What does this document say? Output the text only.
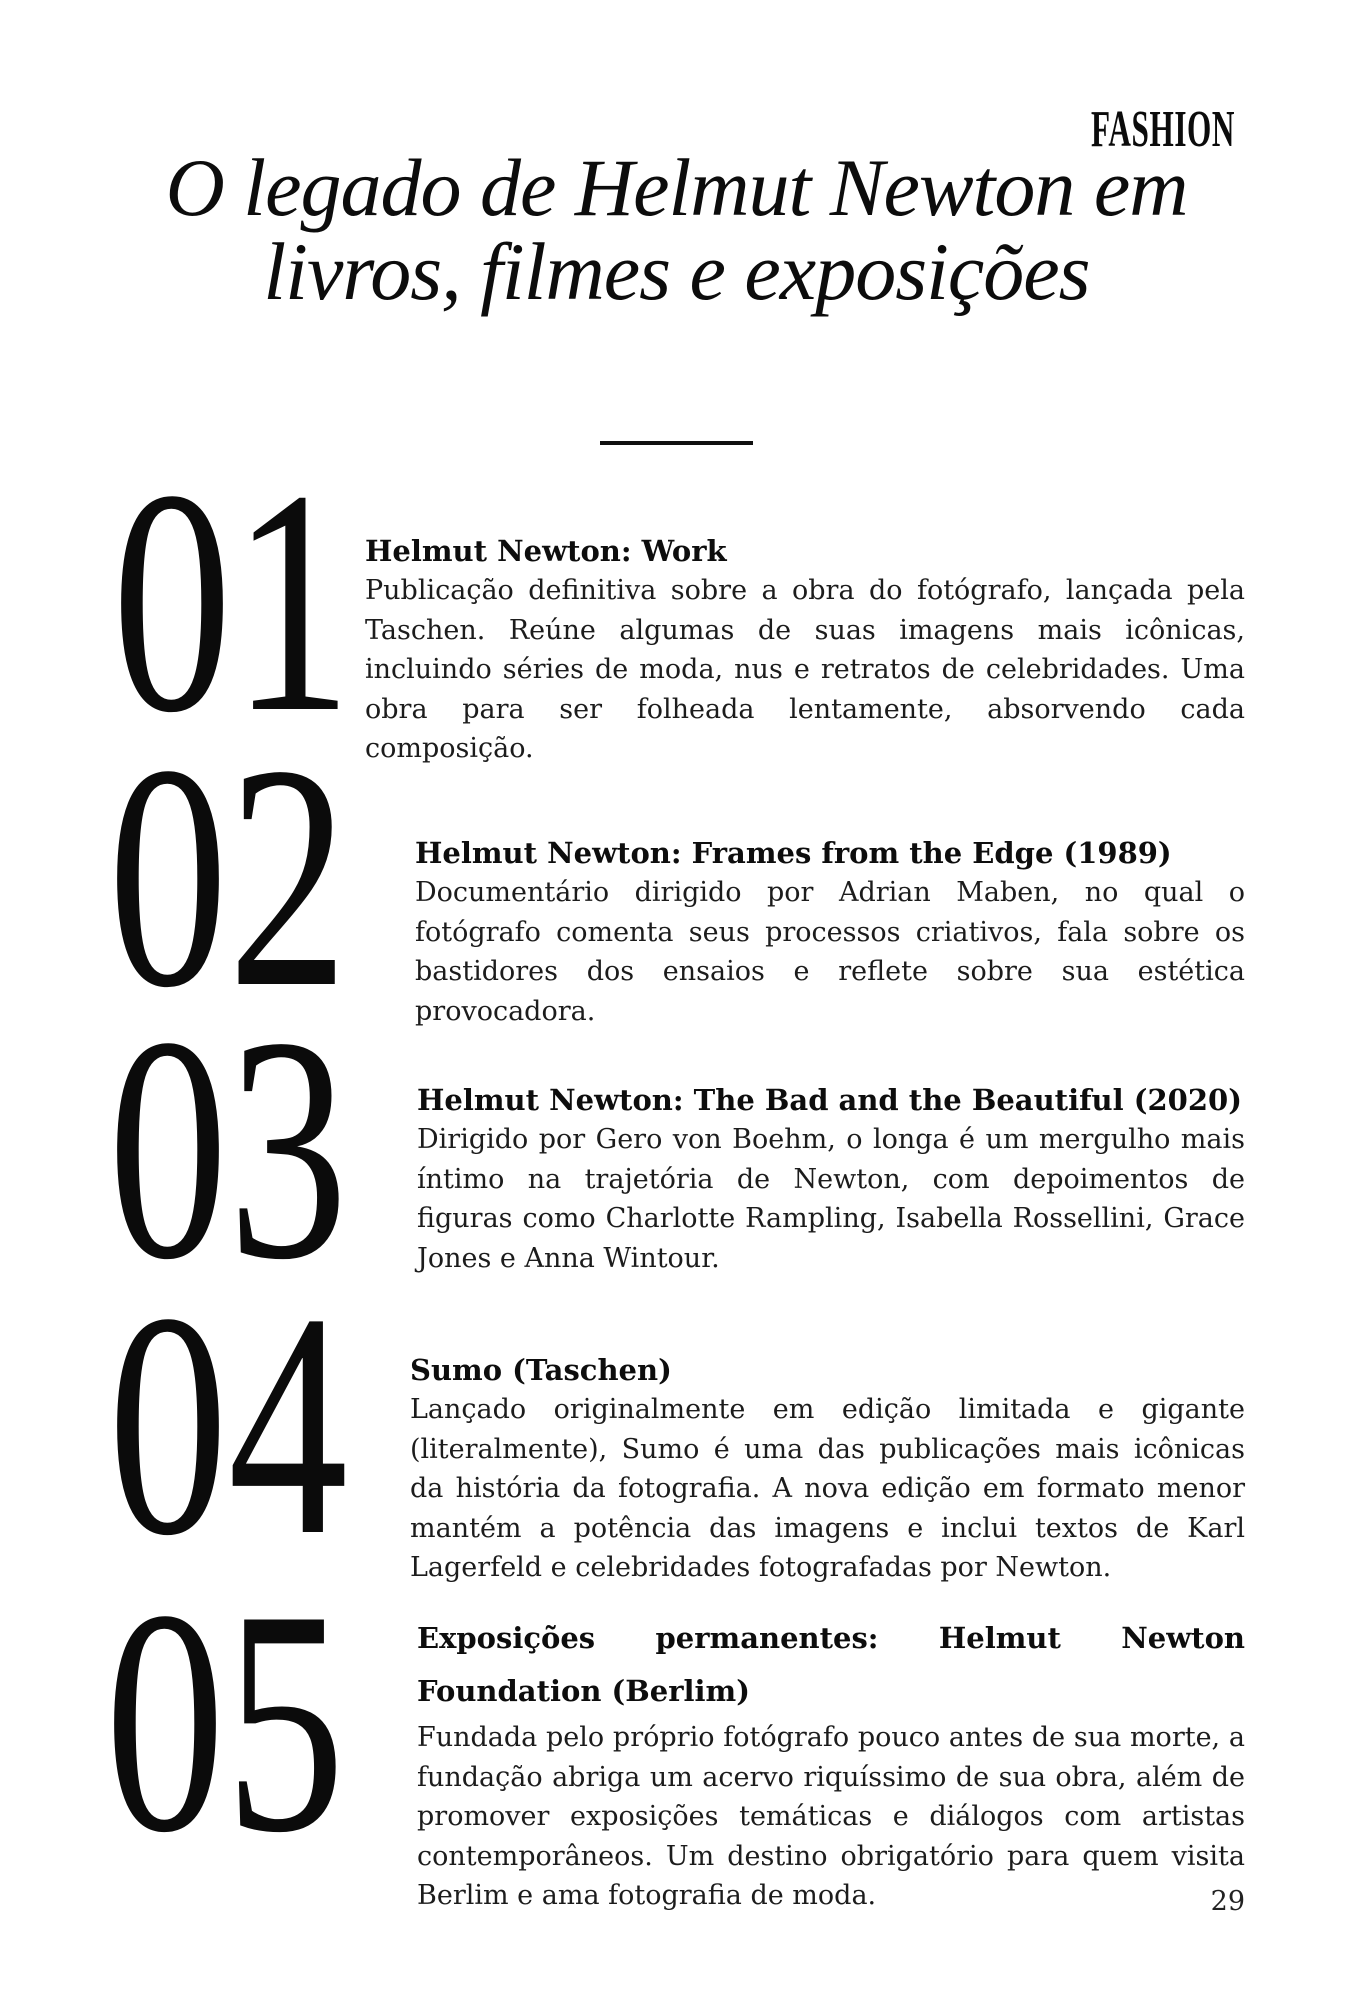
FASHION
O legado de Helmut Newton em
livros, filmes e exposições
01 Helmut Newton: Work

Publicação definitiva sobre a obra do fotógrafo, lançada pela Taschen. Reúne algumas de suas imagens mais icônicas, incluindo séries de moda, nus e retratos de celebridades. Uma obra para ser folheada lentamente, absorvendo cada composição.

02 Helmut Newton: Frames from the Edge (1989)

Documentário dirigido por Adrian Maben, no qual o fotógrafo comenta seus processos criativos, fala sobre os bastidores dos ensaios e reflete sobre sua estética provocadora.

03 Helmut Newton: The Bad and the Beautiful (2020)

Dirigido por Gero von Boehm, o longa é um mergulho mais íntimo na trajetória de Newton, com depoimentos de figuras como Charlotte Rampling, Isabella Rossellini, Grace Jones e Anna Wintour.

04 Sumo (Taschen)

Lançado originalmente em edição limitada e gigante (literalmente), Sumo é uma das publicações mais icônicas da história da fotografia. A nova edição em formato menor mantém a potência das imagens e inclui textos de Karl Lagerfeld e celebridades fotografadas por Newton.

05 Exposições permanentes: Helmut Newton Foundation (Berlim)

Fundada pelo próprio fotógrafo pouco antes de sua morte, a fundação abriga um acervo riquíssimo de sua obra, além de promover exposições temáticas e diálogos com artistas contemporâneos. Um destino obrigatório para quem visita Berlim e ama fotografia de moda.	29
